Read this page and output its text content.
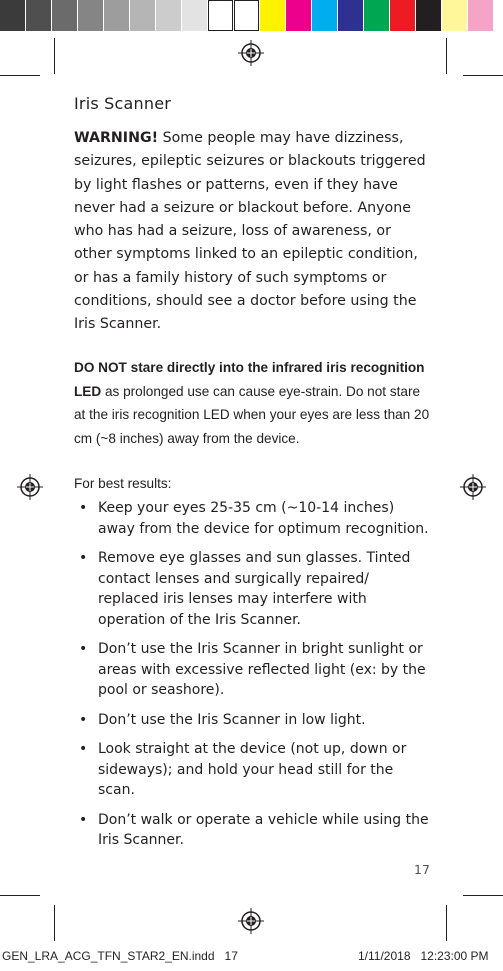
Iris Scanner

WARNING! Some people may have dizziness, seizures, epileptic seizures or blackouts triggered by light flashes or patterns, even if they have never had a seizure or blackout before. Anyone who has had a seizure, loss of awareness, or other symptoms linked to an epileptic condition, or has a family history of such symptoms or conditions, should see a doctor before using the Iris Scanner.

DO NOT stare directly into the infrared iris recognition LED as prolonged use can cause eye-strain. Do not stare at the iris recognition LED when your eyes are less than 20 cm (~8 inches) away from the device.

For best results:
• Keep your eyes 25-35 cm (~10-14 inches) away from the device for optimum recognition.
• Remove eye glasses and sun glasses. Tinted contact lenses and surgically repaired/ replaced iris lenses may interfere with operation of the Iris Scanner.
• Don’t use the Iris Scanner in bright sunlight or areas with excessive reflected light (ex: by the pool or seashore).
• Don’t use the Iris Scanner in low light.
• Look straight at the device (not up, down or sideways); and hold your head still for the scan.
• Don’t walk or operate a vehicle while using the Iris Scanner.
17
GEN_LRA_ACG_TFN_STAR2_EN.indd   17	1/11/2018   12:23:00 PM
